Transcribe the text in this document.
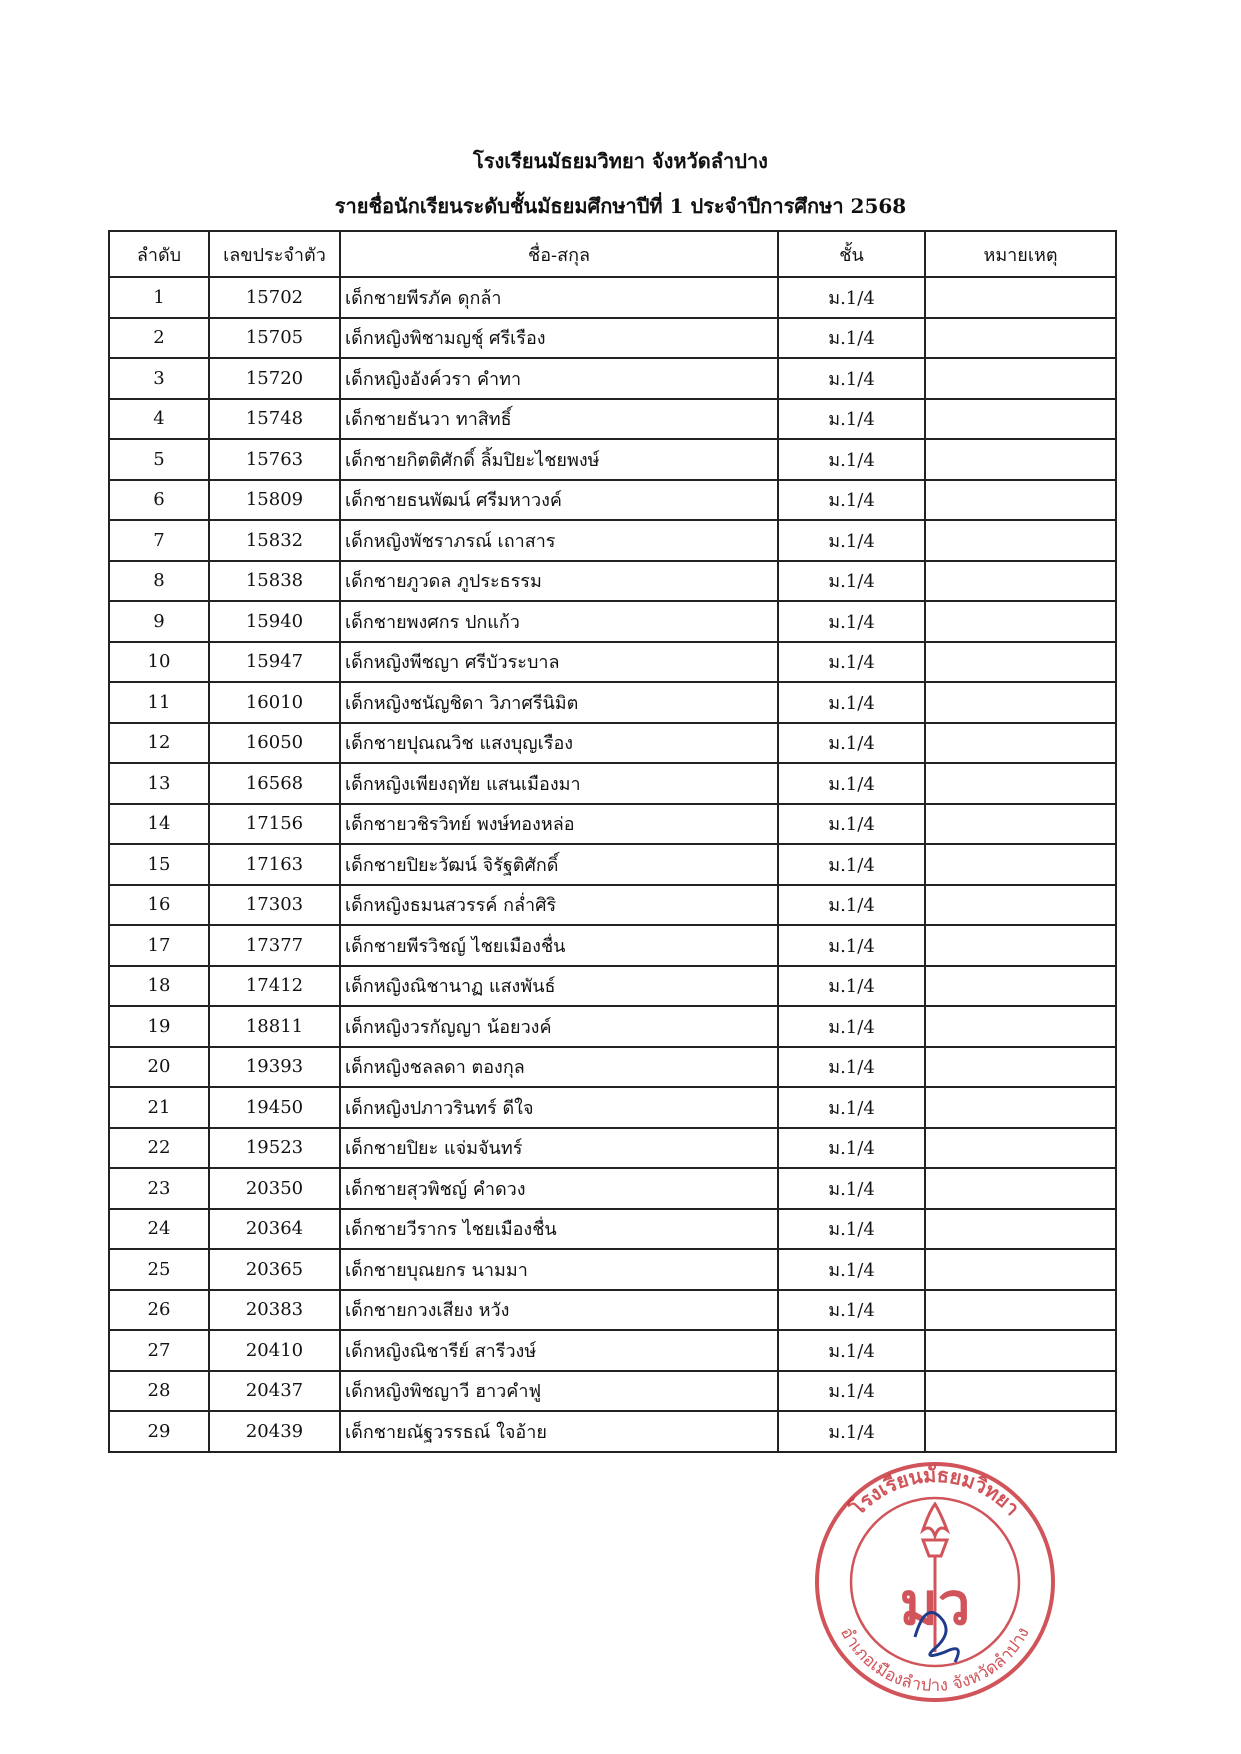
โรงเรียนมัธยมวิทยา จังหวัดลำปาง
รายชื่อนักเรียนระดับชั้นมัธยมศึกษาปีที่ 1 ประจำปีการศึกษา 2568
ลำดับ	เลขประจำตัว	ชื่อ-สกุล	ชั้น	หมายเหตุ
1	15702	เด็กชายพีรภัค ดุกล้า	ม.1/4	
2	15705	เด็กหญิงพิชามญชุ์ ศรีเรือง	ม.1/4	
3	15720	เด็กหญิงอังค์วรา คำทา	ม.1/4	
4	15748	เด็กชายธันวา ทาสิทธิ์	ม.1/4	
5	15763	เด็กชายกิตติศักดิ์ ลิ้มปิยะไชยพงษ์	ม.1/4	
6	15809	เด็กชายธนพัฒน์ ศรีมหาวงค์	ม.1/4	
7	15832	เด็กหญิงพัชราภรณ์ เถาสาร	ม.1/4	
8	15838	เด็กชายภูวดล ภูประธรรม	ม.1/4	
9	15940	เด็กชายพงศกร ปกแก้ว	ม.1/4	
10	15947	เด็กหญิงพีชญา ศรีบัวระบาล	ม.1/4	
11	16010	เด็กหญิงชนัญชิดา วิภาศรีนิมิต	ม.1/4	
12	16050	เด็กชายปุณณวิช แสงบุญเรือง	ม.1/4	
13	16568	เด็กหญิงเพียงฤทัย แสนเมืองมา	ม.1/4	
14	17156	เด็กชายวชิรวิทย์ พงษ์ทองหล่อ	ม.1/4	
15	17163	เด็กชายปิยะวัฒน์ จิรัฐติศักดิ์	ม.1/4	
16	17303	เด็กหญิงธมนสวรรค์ กล่ำศิริ	ม.1/4	
17	17377	เด็กชายพีรวิชญ์ ไชยเมืองชื่น	ม.1/4	
18	17412	เด็กหญิงณิชานาฏ แสงพันธ์	ม.1/4	
19	18811	เด็กหญิงวรกัญญา น้อยวงค์	ม.1/4	
20	19393	เด็กหญิงชลลดา ตองกุล	ม.1/4	
21	19450	เด็กหญิงปภาวรินทร์ ดีใจ	ม.1/4	
22	19523	เด็กชายปิยะ แจ่มจันทร์	ม.1/4	
23	20350	เด็กชายสุวพิชญ์ คำดวง	ม.1/4	
24	20364	เด็กชายวีรากร ไชยเมืองชื่น	ม.1/4	
25	20365	เด็กชายบุณยกร นามมา	ม.1/4	
26	20383	เด็กชายกวงเสียง หวัง	ม.1/4	
27	20410	เด็กหญิงณิชารีย์ สารีวงษ์	ม.1/4	
28	20437	เด็กหญิงพิชญาวี ฮาวคำฟู	ม.1/4	
29	20439	เด็กชายณัฐวรรธณ์ ใจอ้าย	ม.1/4	
โรงเรียนมัธยมวิทยา
อำเภอเมืองลำปาง จังหวัดลำปาง
มว
